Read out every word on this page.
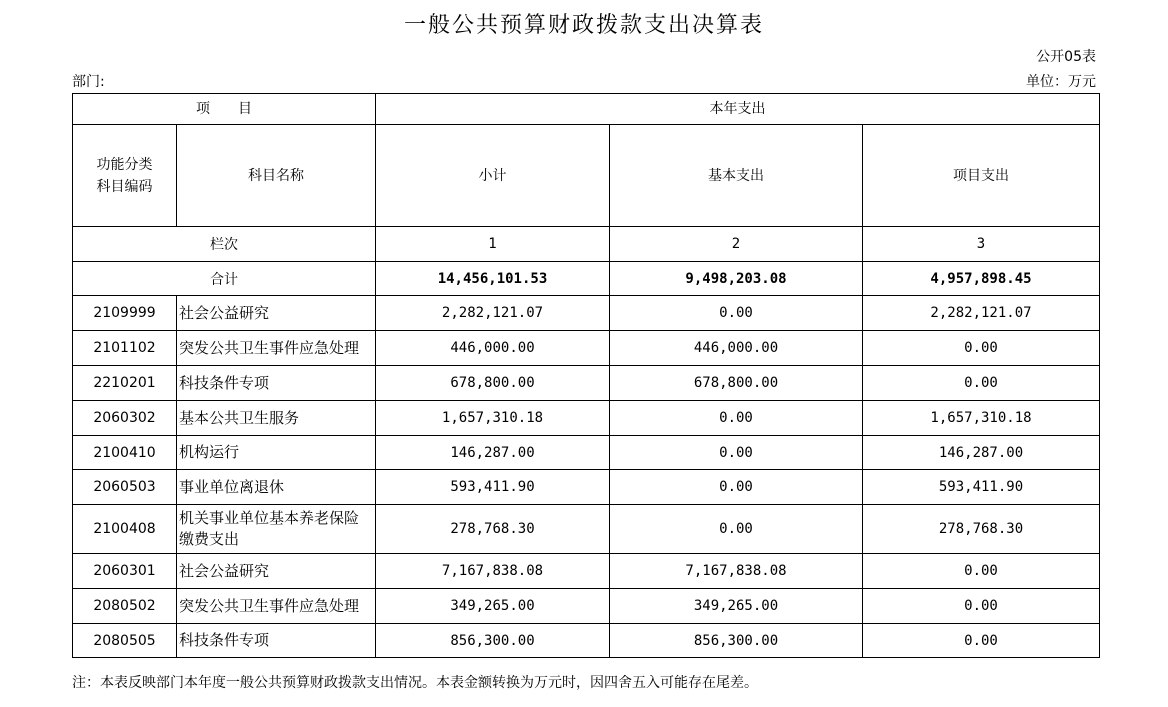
一般公共预算财政拨款支出决算表
公开05表
部门:	单位：万元
项　　目		本年支出		
功能分类科目编码	科目名称	小计	基本支出	项目支出
栏次		1	2	3
合计		14,456,101.53	9,498,203.08	4,957,898.45
2109999	社会公益研究	2,282,121.07	0.00	2,282,121.07
2101102	突发公共卫生事件应急处理	446,000.00	446,000.00	0.00
2210201	科技条件专项	678,800.00	678,800.00	0.00
2060302	基本公共卫生服务	1,657,310.18	0.00	1,657,310.18
2100410	机构运行	146,287.00	0.00	146,287.00
2060503	事业单位离退休	593,411.90	0.00	593,411.90
2100408	机关事业单位基本养老保险缴费支出	278,768.30	0.00	278,768.30
2060301	社会公益研究	7,167,838.08	7,167,838.08	0.00
2080502	突发公共卫生事件应急处理	349,265.00	349,265.00	0.00
2080505	科技条件专项	856,300.00	856,300.00	0.00
注：本表反映部门本年度一般公共预算财政拨款支出情况。本表金额转换为万元时，因四舍五入可能存在尾差。
